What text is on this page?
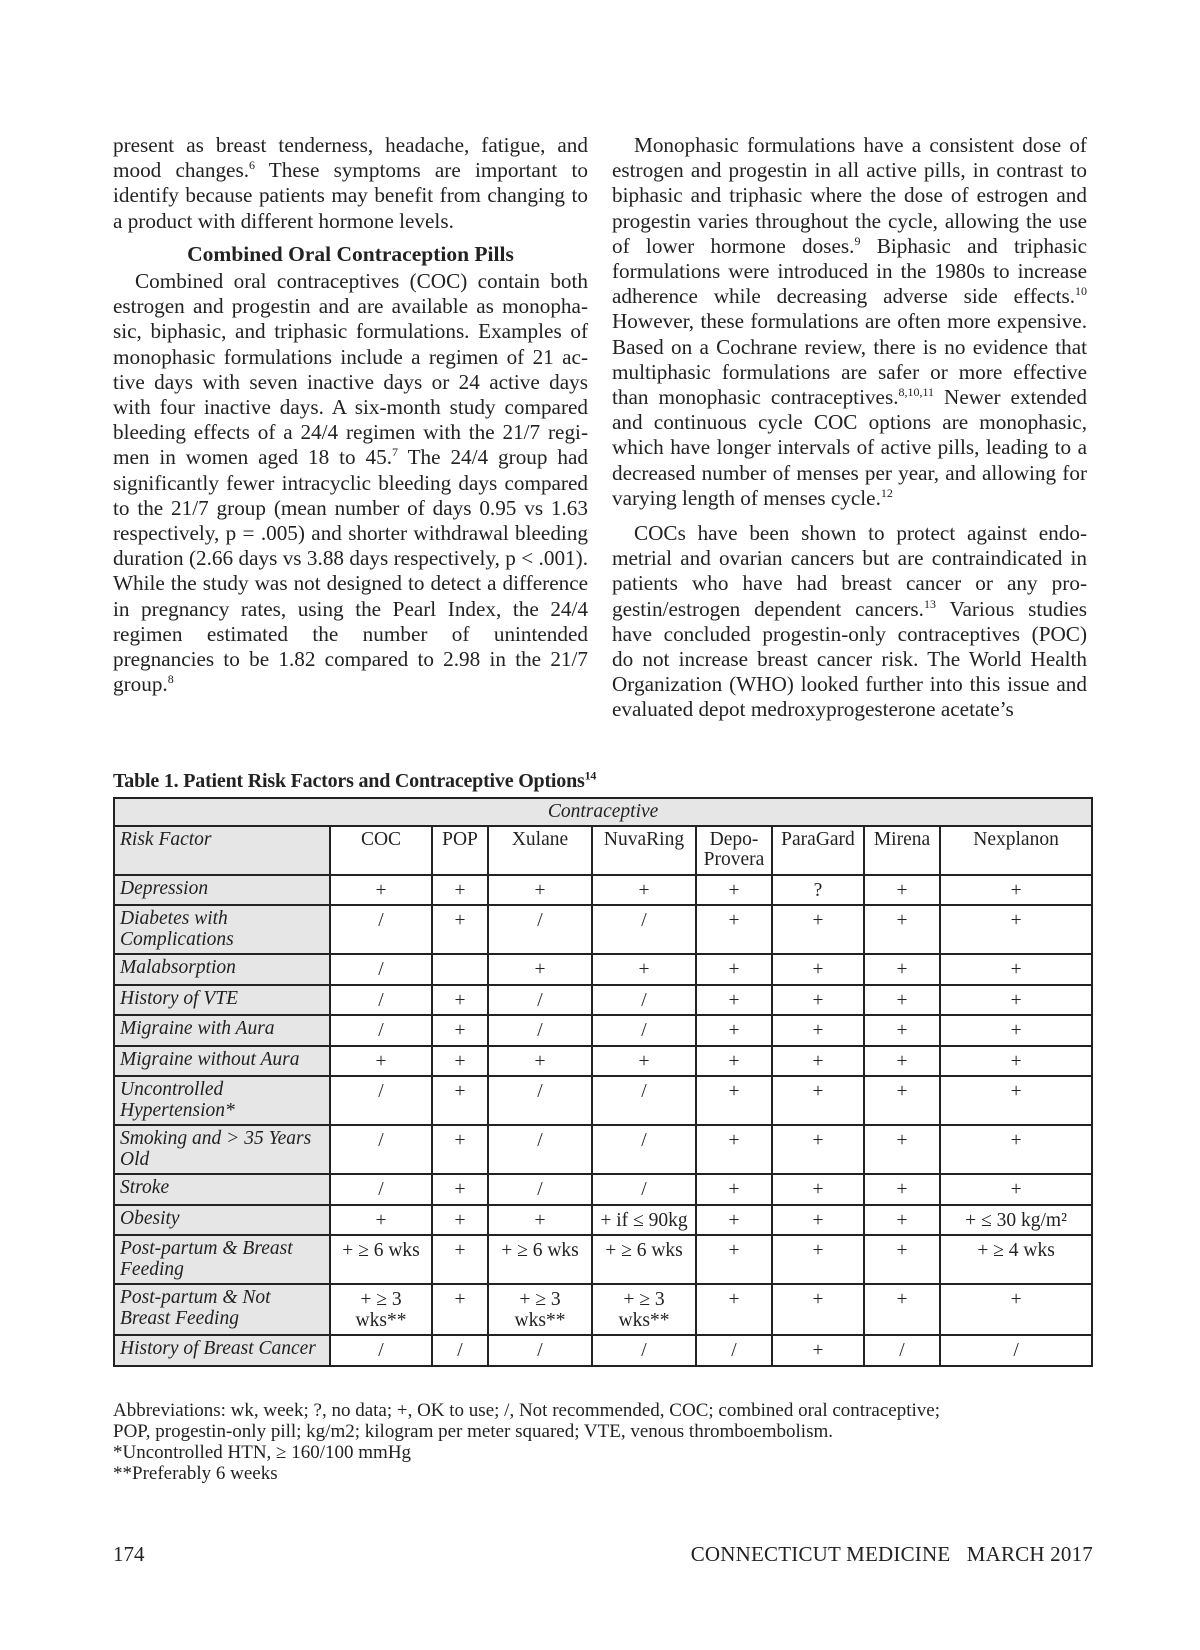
present as breast tenderness, headache, fatigue, and mood changes.$^6$ These symptoms are important to identify because patients may benefit from changing to a product with different hormone levels.

Combined Oral Contraception Pills

Combined oral contraceptives (COC) contain both estrogen and progestin and are available as monophasic, biphasic, and triphasic formulations. Examples of monophasic formulations include a regimen of 21 active days with seven inactive days or 24 active days with four inactive days. A six-month study compared bleeding effects of a 24/4 regimen with the 21/7 regimen in women aged 18 to 45.$^7$ The 24/4 group had significantly fewer intracyclic bleeding days compared to the 21/7 group (mean number of days 0.95 vs 1.63 respectively, p = .005) and shorter withdrawal bleeding duration (2.66 days vs 3.88 days respectively, p < .001). While the study was not designed to detect a difference in pregnancy rates, using the Pearl Index, the 24/4 regimen estimated the number of unintended pregnancies to be 1.82 compared to 2.98 in the 21/7 group.$^8$

Monophasic formulations have a consistent dose of estrogen and progestin in all active pills, in contrast to biphasic and triphasic where the dose of estrogen and progestin varies throughout the cycle, allowing the use of lower hormone doses.$^9$ Biphasic and triphasic formulations were introduced in the 1980s to increase adherence while decreasing adverse side effects.$^{10}$ However, these formulations are often more expensive. Based on a Cochrane review, there is no evidence that multiphasic formulations are safer or more effective than monophasic contraceptives.$^{8,10,11}$ Newer extended and continuous cycle COC options are monophasic, which have longer intervals of active pills, leading to a decreased number of menses per year, and allowing for varying length of menses cycle.$^{12}$

COCs have been shown to protect against endometrial and ovarian cancers but are contraindicated in patients who have had breast cancer or any progestin/estrogen dependent cancers.$^{13}$ Various studies have concluded progestin-only contraceptives (POC) do not increase breast cancer risk. The World Health Organization (WHO) looked further into this issue and evaluated depot medroxyprogesterone acetate’s

Table 1. Patient Risk Factors and Contraceptive Options$^{14}$
Contraceptive								
Risk Factor	COC	POP	Xulane	NuvaRing	Depo-Provera	ParaGard	Mirena	Nexplanon
Depression	+	+	+	+	+	?	+	+
Diabetes with Complications	/	+	/	/	+	+	+	+
Malabsorption	/		+	+	+	+	+	+
History of VTE	/	+	/	/	+	+	+	+
Migraine with Aura	/	+	/	/	+	+	+	+
Migraine without Aura	+	+	+	+	+	+	+	+
Uncontrolled Hypertension*	/	+	/	/	+	+	+	+
Smoking and > 35 Years Old	/	+	/	/	+	+	+	+
Stroke	/	+	/	/	+	+	+	+
Obesity	+	+	+	+ if ≤ 90kg	+	+	+	+ ≤ 30 kg/m²
Post-partum & Breast Feeding	+ ≥ 6 wks	+	+ ≥ 6 wks	+ ≥ 6 wks	+	+	+	+ ≥ 4 wks
Post-partum & Not Breast Feeding	+ ≥ 3 wks**	+	+ ≥ 3 wks**	+ ≥ 3 wks**	+	+	+	+
History of Breast Cancer	/	/	/	/	/	+	/	/
Abbreviations: wk, week; ?, no data; +, OK to use; /, Not recommended, COC; combined oral contraceptive;
POP, progestin-only pill; kg/m2; kilogram per meter squared; VTE, venous thromboembolism.
*Uncontrolled HTN, ≥ 160/100 mmHg
**Preferably 6 weeks
174	CONNECTICUT MEDICINE   MARCH 2017
